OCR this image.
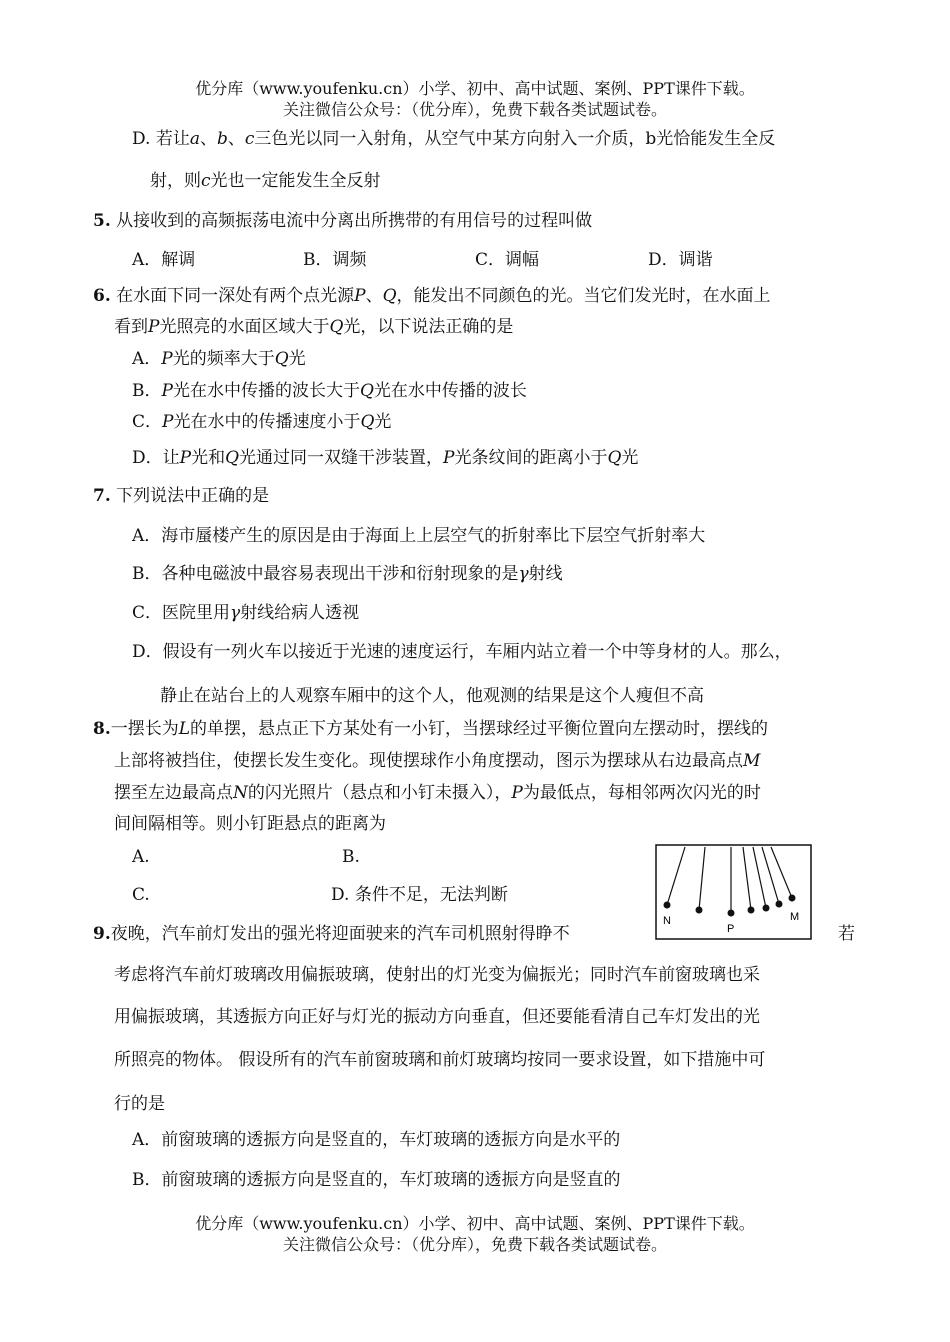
优分库（www.youfenku.cn）小学、初中、高中试题、案例、PPT课件下载。
关注微信公众号：（优分库），免费下载各类试题试卷。
D. 若让a、b、c三色光以同一入射角，从空气中某方向射入一介质，b光恰能发生全反
射，则c光也一定能发生全反射
5. 从接收到的高频振荡电流中分离出所携带的有用信号的过程叫做
A．解调	B．调频	C．调幅	D．调谐
6. 在水面下同一深处有两个点光源P、Q，能发出不同颜色的光。当它们发光时，在水面上
看到P光照亮的水面区域大于Q光，以下说法正确的是
A．P光的频率大于Q光
B．P光在水中传播的波长大于Q光在水中传播的波长
C．P光在水中的传播速度小于Q光
D．让P光和Q光通过同一双缝干涉装置，P光条纹间的距离小于Q光
7. 下列说法中正确的是
A．海市蜃楼产生的原因是由于海面上上层空气的折射率比下层空气折射率大
B．各种电磁波中最容易表现出干涉和衍射现象的是γ射线
C．医院里用γ射线给病人透视
D．假设有一列火车以接近于光速的速度运行，车厢内站立着一个中等身材的人。那么，
静止在站台上的人观察车厢中的这个人，他观测的结果是这个人瘦但不高
8.一摆长为L的单摆，悬点正下方某处有一小钉，当摆球经过平衡位置向左摆动时，摆线的
上部将被挡住，使摆长发生变化。现使摆球作小角度摆动，图示为摆球从右边最高点M
摆至左边最高点N的闪光照片（悬点和小钉未摄入），P为最低点，每相邻两次闪光的时
间间隔相等。则小钉距悬点的距离为
A.	B.
C.	D. 条件不足，无法判断
N
P
M
9.夜晚，汽车前灯发出的强光将迎面驶来的汽车司机照射得睁不	若
考虑将汽车前灯玻璃改用偏振玻璃，使射出的灯光变为偏振光；同时汽车前窗玻璃也采
用偏振玻璃，其透振方向正好与灯光的振动方向垂直，但还要能看清自己车灯发出的光
所照亮的物体。 假设所有的汽车前窗玻璃和前灯玻璃均按同一要求设置，如下措施中可
行的是
A．前窗玻璃的透振方向是竖直的，车灯玻璃的透振方向是水平的
B．前窗玻璃的透振方向是竖直的，车灯玻璃的透振方向是竖直的
优分库（www.youfenku.cn）小学、初中、高中试题、案例、PPT课件下载。
关注微信公众号：（优分库），免费下载各类试题试卷。
